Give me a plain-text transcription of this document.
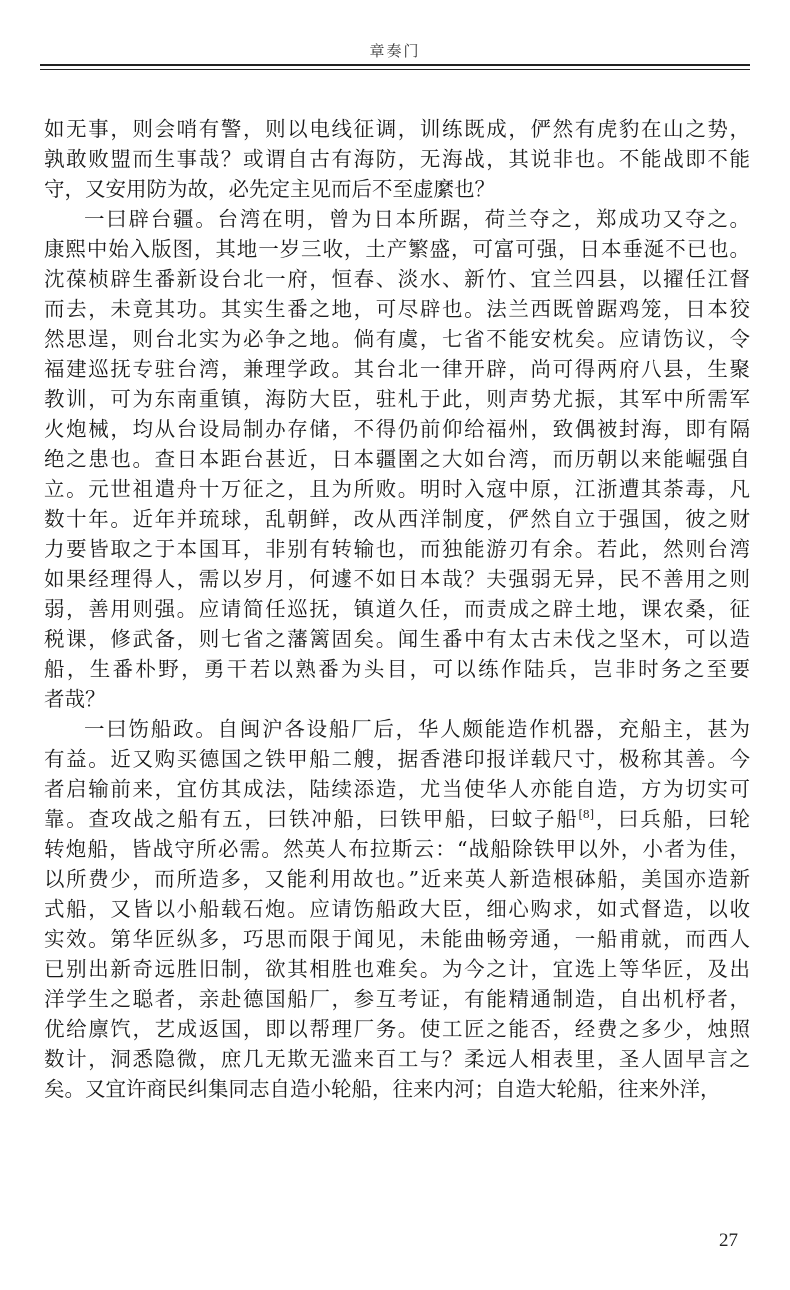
章奏门
如无事，则会哨有警，则以电线征调，训练既成，俨然有虎豹在山之势，
孰敢败盟而生事哉？或谓自古有海防，无海战，其说非也。不能战即不能
守，又安用防为故，必先定主见而后不至虚縻也？
一曰辟台疆。台湾在明，曾为日本所踞，荷兰夺之，郑成功又夺之。
康熙中始入版图，其地一岁三收，土产繁盛，可富可强，日本垂涎不已也。
沈葆桢辟生番新设台北一府，恒春、淡水、新竹、宜兰四县，以擢任江督
而去，未竟其功。其实生番之地，可尽辟也。法兰西既曾踞鸡笼，日本狡
然思逞，则台北实为必争之地。倘有虞，七省不能安枕矣。应请饬议，令
福建巡抚专驻台湾，兼理学政。其台北一律开辟，尚可得两府八县，生聚
教训，可为东南重镇，海防大臣，驻札于此，则声势尤振，其军中所需军
火炮械，均从台设局制办存储，不得仍前仰给福州，致偶被封海，即有隔
绝之患也。查日本距台甚近，日本疆圉之大如台湾，而历朝以来能崛强自
立。元世祖遣舟十万征之，且为所败。明时入寇中原，江浙遭其荼毒，凡
数十年。近年并琉球，乱朝鲜，改从西洋制度，俨然自立于强国，彼之财
力要皆取之于本国耳，非别有转输也，而独能游刃有余。若此，然则台湾
如果经理得人，需以岁月，何遽不如日本哉？夫强弱无异，民不善用之则
弱，善用则强。应请简任巡抚，镇道久任，而责成之辟土地，课农桑，征
税课，修武备，则七省之藩篱固矣。闻生番中有太古未伐之坚木，可以造
船，生番朴野，勇干若以熟番为头目，可以练作陆兵，岂非时务之至要
者哉？
一曰饬船政。自闽沪各设船厂后，华人颇能造作机器，充船主，甚为
有益。近又购买德国之铁甲船二艘，据香港印报详载尺寸，极称其善。今
者启输前来，宜仿其成法，陆续添造，尤当使华人亦能自造，方为切实可
靠。查攻战之船有五，曰铁冲船，曰铁甲船，曰蚊子船[8]，曰兵船，曰轮
转炮船，皆战守所必需。然英人布拉斯云：“战船除铁甲以外，小者为佳，
以所费少，而所造多，又能利用故也。”近来英人新造根砵船，美国亦造新
式船，又皆以小船载石炮。应请饬船政大臣，细心购求，如式督造，以收
实效。第华匠纵多，巧思而限于闻见，未能曲畅旁通，一船甫就，而西人
已别出新奇远胜旧制，欲其相胜也难矣。为今之计，宜选上等华匠，及出
洋学生之聪者，亲赴德国船厂，参互考证，有能精通制造，自出机杼者，
优给廪饩，艺成返国，即以帮理厂务。使工匠之能否，经费之多少，烛照
数计，洞悉隐微，庶几无欺无滥来百工与？柔远人相表里，圣人固早言之
矣。又宜许商民纠集同志自造小轮船，往来内河；自造大轮船，往来外洋，
27
